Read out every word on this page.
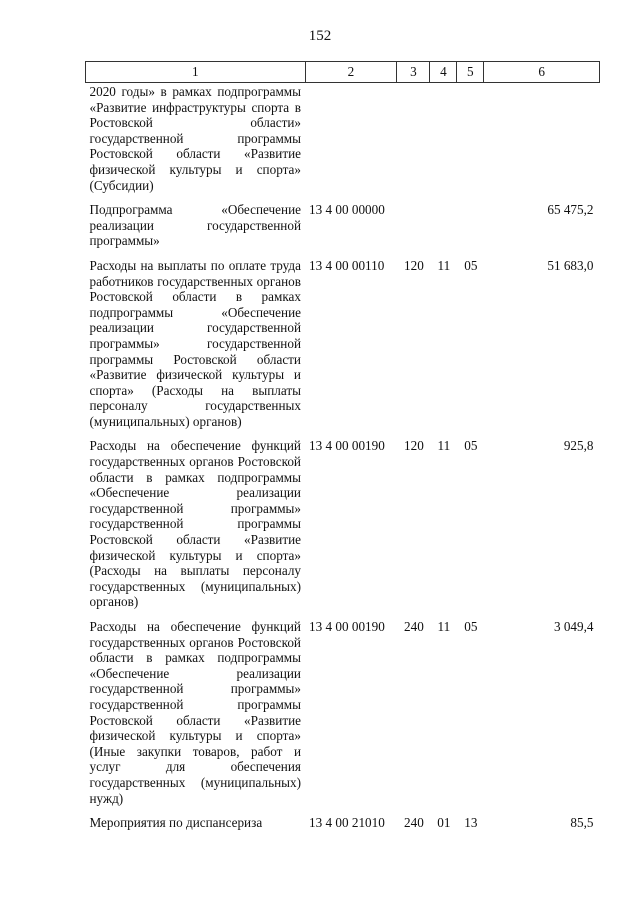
152
1	2	3	4	5	6
2020 годы» в рамках подпрограммы «Развитие инфраструктуры спорта в Ростовской области» государственной программы Ростовской области «Развитие физической культуры и спорта» (Субсидии)					
Подпрограмма «Обеспечение реализации государственной программы»	13 4 00 00000				65 475,2
Расходы на выплаты по оплате труда работников государственных органов Ростовской области в рамках подпрограммы «Обеспечение реализации государственной программы» государственной программы Ростовской области «Развитие физической культуры и спорта» (Расходы на выплаты персоналу государственных (муниципальных) органов)	13 4 00 00110	120	11	05	51 683,0
Расходы на обеспечение функций государственных органов Ростовской области в рамках подпрограммы «Обеспечение реализации государственной программы» государственной программы Ростовской области «Развитие физической культуры и спорта» (Расходы на выплаты персоналу государственных (муниципальных) органов)	13 4 00 00190	120	11	05	925,8
Расходы на обеспечение функций государственных органов Ростовской области в рамках подпрограммы «Обеспечение реализации государственной программы» государственной программы Ростовской области «Развитие физической культуры и спорта» (Иные закупки товаров, работ и услуг для обеспечения государственных (муниципальных) нужд)	13 4 00 00190	240	11	05	3 049,4
Мероприятия по диспансериза	13 4 00 21010	240	01	13	85,5
